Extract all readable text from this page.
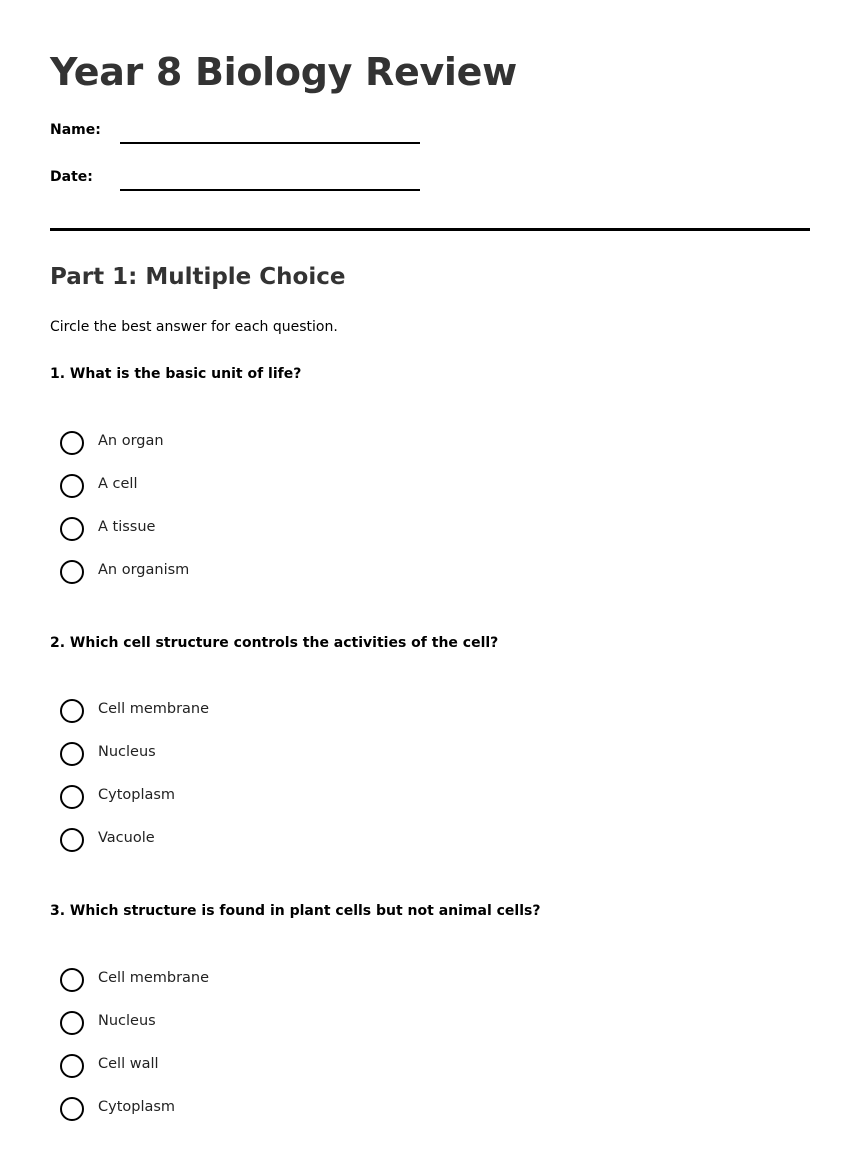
Year 8 Biology Review
Name:
Date:
Part 1: Multiple Choice
Circle the best answer for each question.
1. What is the basic unit of life?
An organ
A cell
A tissue
An organism
2. Which cell structure controls the activities of the cell?
Cell membrane
Nucleus
Cytoplasm
Vacuole
3. Which structure is found in plant cells but not animal cells?
Cell membrane
Nucleus
Cell wall
Cytoplasm
